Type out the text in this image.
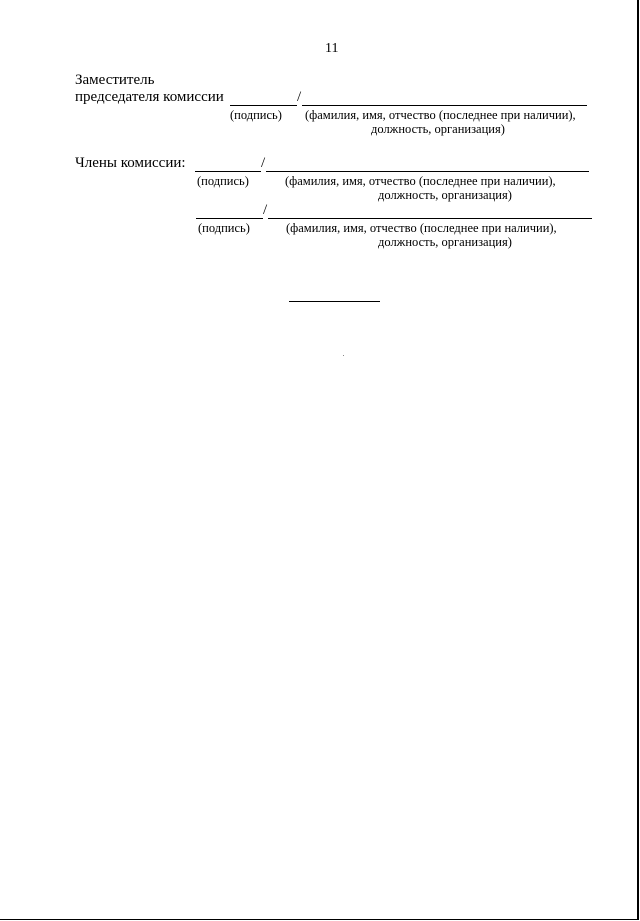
11
Заместитель
председателя комиссии	/
(подпись) (фамилия, имя, отчество (последнее при наличии),
должность, организация)
Члены комиссии:	/
(подпись)	(фамилия, имя, отчество (последнее при наличии),
должность, организация)
/
(подпись)	(фамилия, имя, отчество (последнее при наличии),
должность, организация)
